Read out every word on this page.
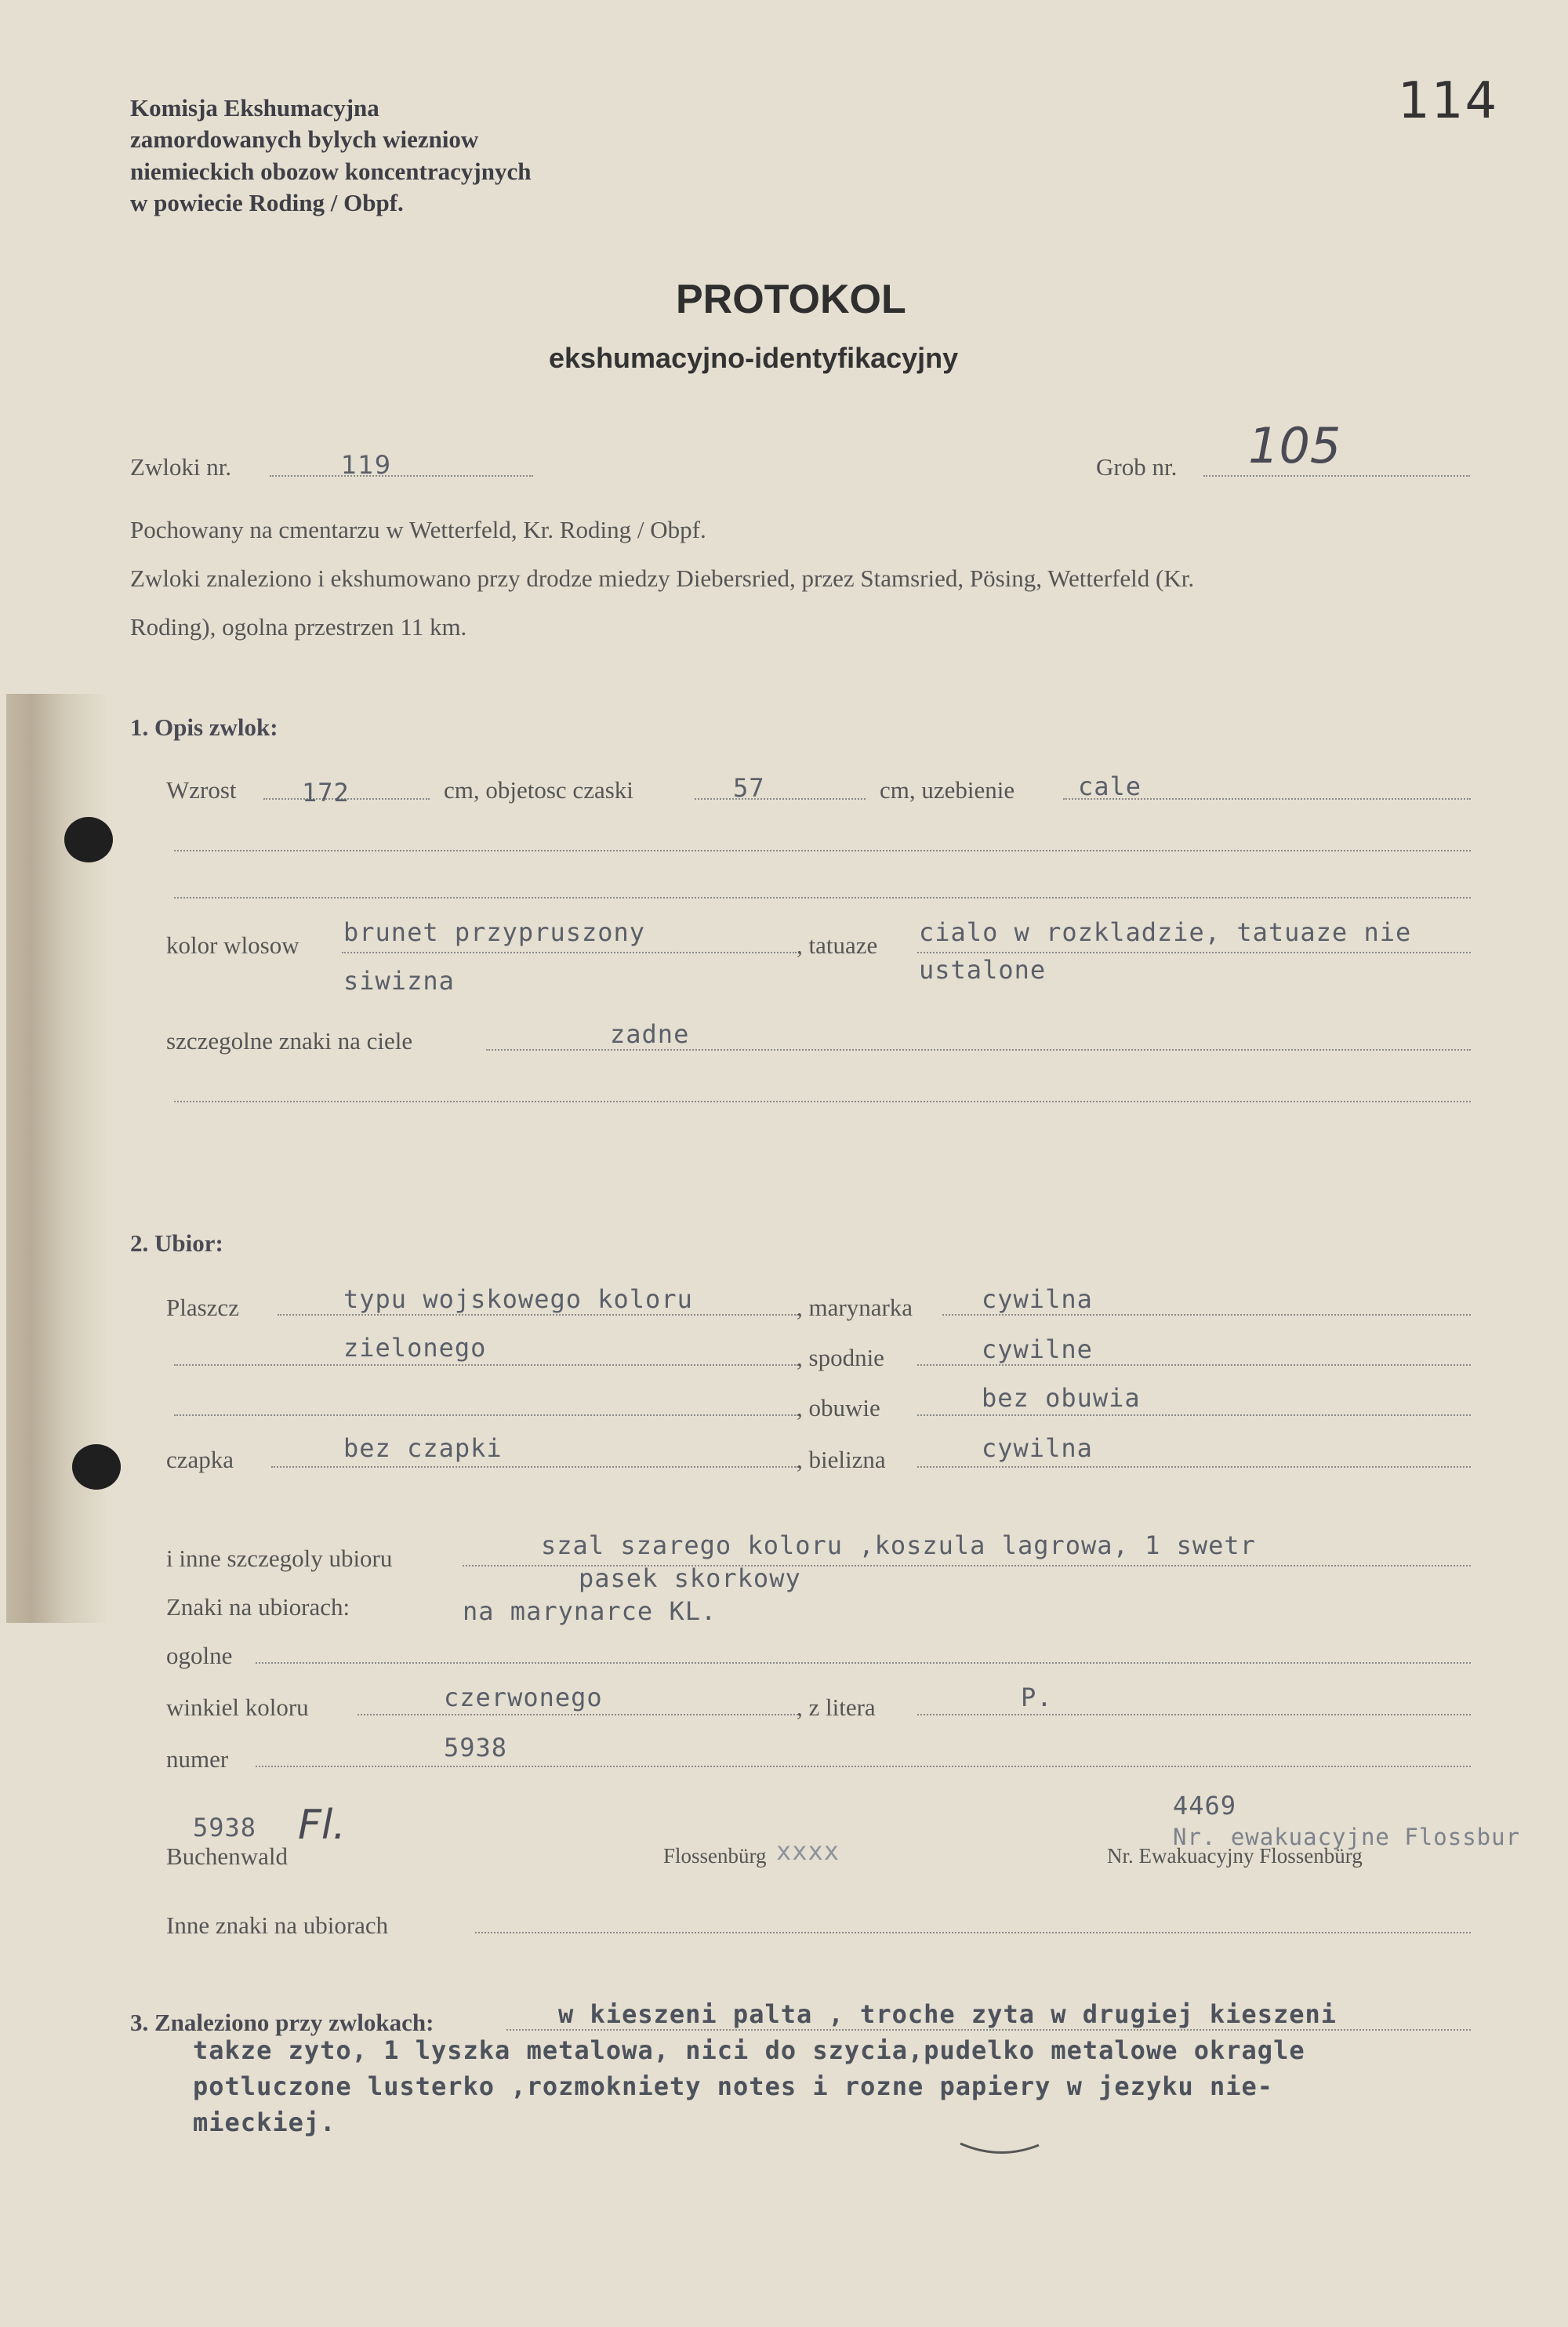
114
Komisja Ekshumacyjna
zamordowanych bylych wiezniow
niemieckich obozow koncentracyjnych
w powiecie Roding / Obpf.
PROTOKOL
ekshumacyjno-identyfikacyjny
Zwloki nr.	119	Grob nr. 105
Pochowany na cmentarzu w Wetterfeld, Kr. Roding / Obpf.
Zwloki znaleziono i ekshumowano przy drodze miedzy Diebersried, przez Stamsried, Pösing, Wetterfeld (Kr.
Roding), ogolna przestrzen 11 km.
1. Opis zwlok:
Wzrost	172	cm, objetosc czaski	57	cm, uzebienie	cale
kolor wlosow brunet przypruszony
siwizna
, tatuaze cialo w rozkladzie, tatuaze nie
ustalone
szczegolne znaki na ciele	zadne
2. Ubior:
Plaszcz	typu wojskowego koloru	, marynarka	cywilna
zielonego	, spodnie	cywilne
, obuwie	bez obuwia
czapka	bez czapki	, bielizna	cywilna
i inne szczegoly ubioru	szal szarego koloru ,koszula lagrowa, 1 swetr
pasek skorkowy
Znaki na ubiorach:	na marynarce KL.
ogolne
winkiel koloru	czerwonego	, z litera	P.
numer	5938
5938 Fl.
Buchenwald	Flossenbürg xxxx
4469
Nr. Ewakuacyjny Flossenbürg
Nr. ewakuacyjne Flossbur
Inne znaki na ubiorach
3. Znaleziono przy zwlokach:	w kieszeni palta , troche zyta w drugiej kieszeni
takze zyto, 1 lyszka metalowa, nici do szycia,pudelko metalowe okragle
potluczone lusterko ,rozmokniety notes i rozne papiery w jezyku nie-
mieckiej.
